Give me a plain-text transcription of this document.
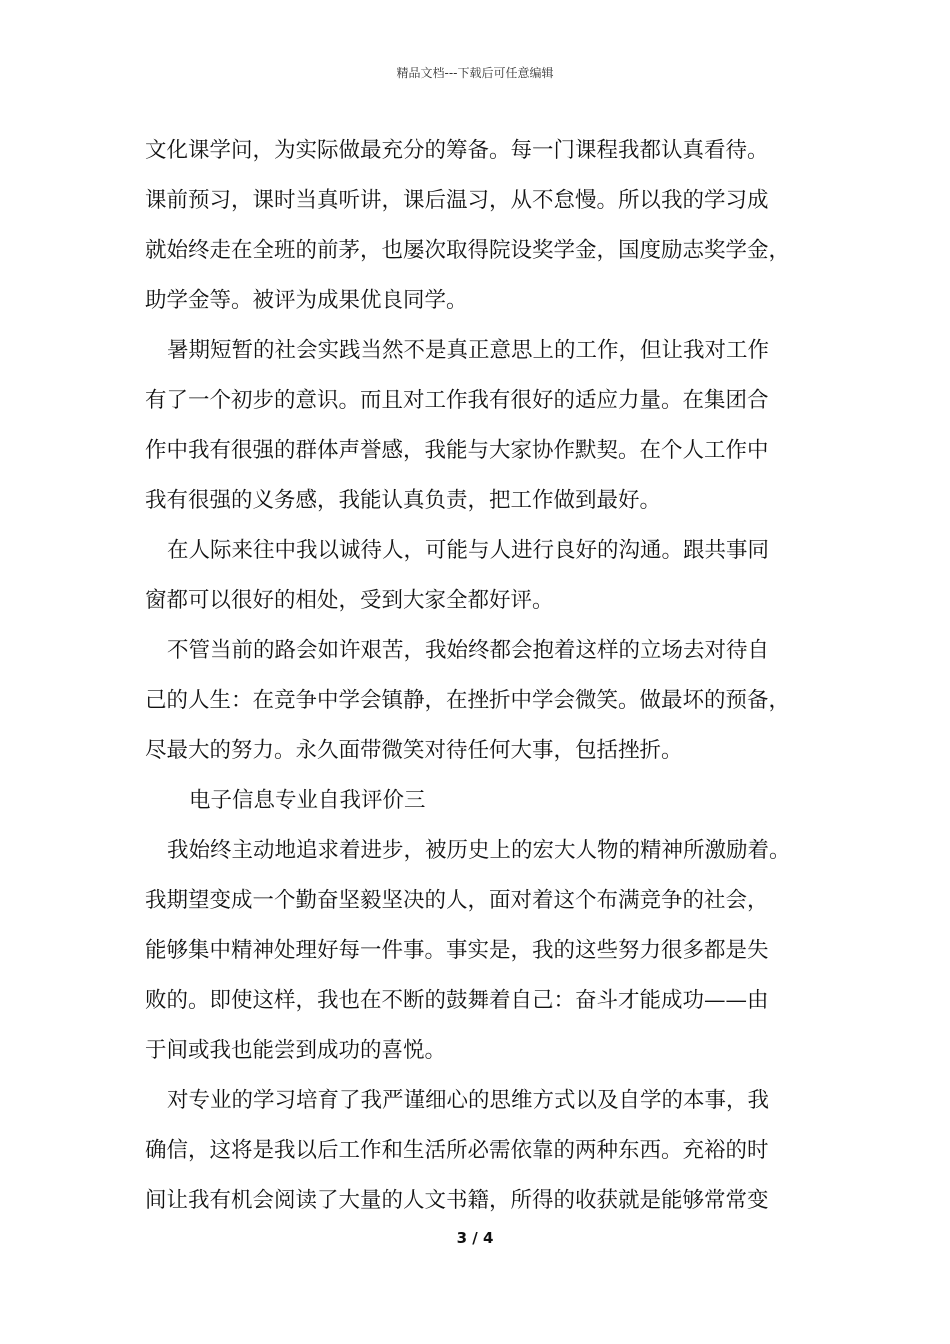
精品文档---下载后可任意编辑
文化课学问，为实际做最充分的筹备。每一门课程我都认真看待。
课前预习，课时当真听讲，课后温习，从不怠慢。所以我的学习成
就始终走在全班的前茅，也屡次取得院设奖学金，国度励志奖学金，
助学金等。被评为成果优良同学。
暑期短暂的社会实践当然不是真正意思上的工作，但让我对工作
有了一个初步的意识。而且对工作我有很好的适应力量。在集团合
作中我有很强的群体声誉感，我能与大家协作默契。在个人工作中
我有很强的义务感，我能认真负责，把工作做到最好。
在人际来往中我以诚待人，可能与人进行良好的沟通。跟共事同
窗都可以很好的相处，受到大家全都好评。
不管当前的路会如许艰苦，我始终都会抱着这样的立场去对待自
己的人生：在竞争中学会镇静，在挫折中学会微笑。做最坏的预备，
尽最大的努力。永久面带微笑对待任何大事，包括挫折。
电子信息专业自我评价三
我始终主动地追求着进步，被历史上的宏大人物的精神所激励着。
我期望变成一个勤奋坚毅坚决的人，面对着这个布满竞争的社会，
能够集中精神处理好每一件事。事实是，我的这些努力很多都是失
败的。即使这样，我也在不断的鼓舞着自己：奋斗才能成功——由
于间或我也能尝到成功的喜悦。
对专业的学习培育了我严谨细心的思维方式以及自学的本事，我
确信，这将是我以后工作和生活所必需依靠的两种东西。充裕的时
间让我有机会阅读了大量的人文书籍，所得的收获就是能够常常变
3 / 4
